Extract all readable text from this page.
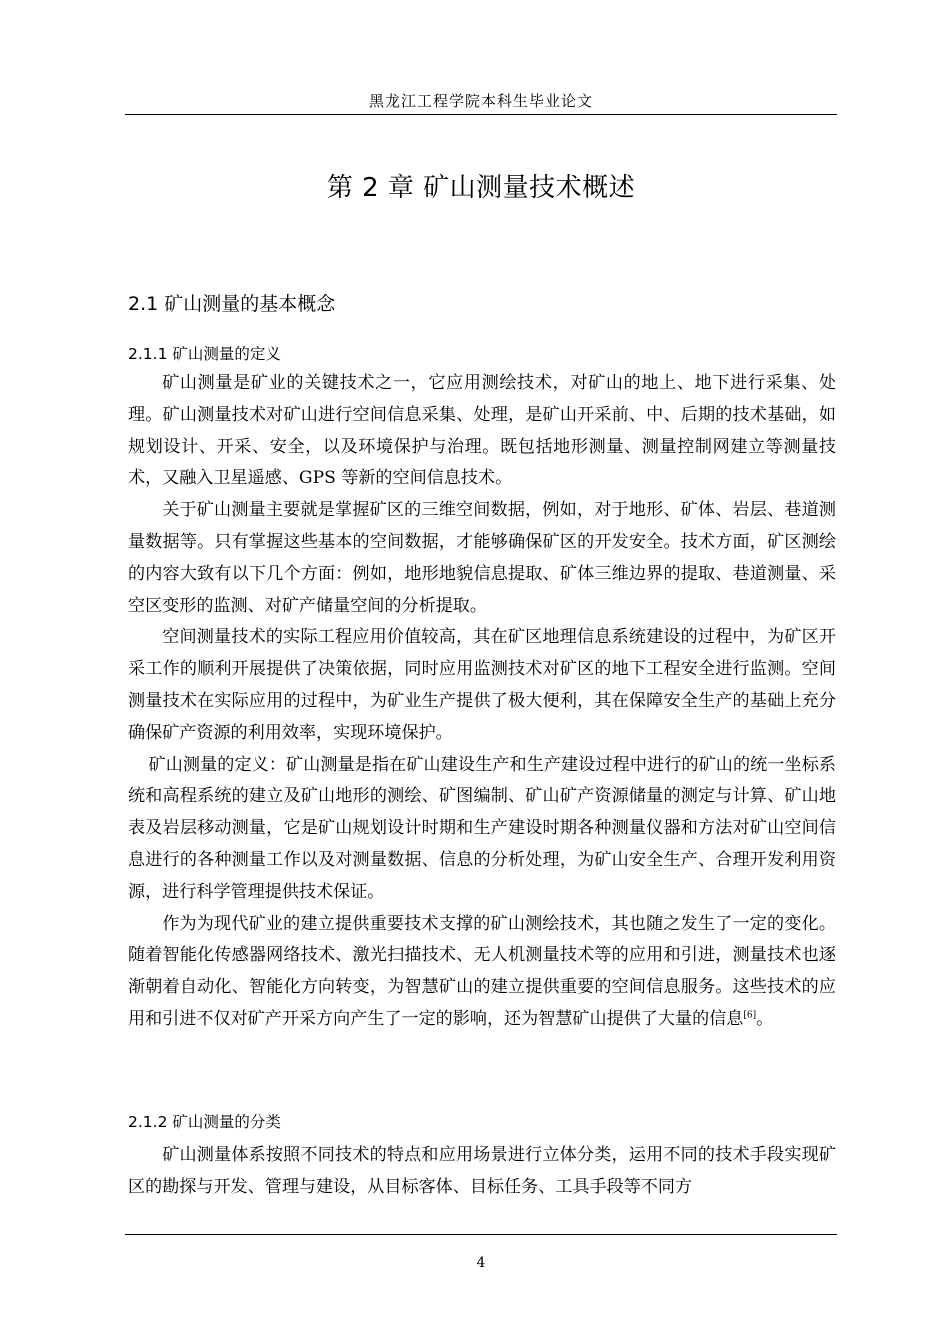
黑龙江工程学院本科生毕业论文
第 2 章 矿山测量技术概述
2.1 矿山测量的基本概念
2.1.1 矿山测量的定义

矿山测量是矿业的关键技术之一，它应用测绘技术，对矿山的地上、地下进行采集、处理。矿山测量技术对矿山进行空间信息采集、处理，是矿山开采前、中、后期的技术基础，如规划设计、开采、安全，以及环境保护与治理。既包括地形测量、测量控制网建立等测量技术，又融入卫星遥感、GPS 等新的空间信息技术。

关于矿山测量主要就是掌握矿区的三维空间数据，例如，对于地形、矿体、岩层、巷道测量数据等。只有掌握这些基本的空间数据，才能够确保矿区的开发安全。技术方面，矿区测绘的内容大致有以下几个方面：例如，地形地貌信息提取、矿体三维边界的提取、巷道测量、采空区变形的监测、对矿产储量空间的分析提取。

空间测量技术的实际工程应用价值较高，其在矿区地理信息系统建设的过程中，为矿区开采工作的顺利开展提供了决策依据，同时应用监测技术对矿区的地下工程安全进行监测。空间测量技术在实际应用的过程中，为矿业生产提供了极大便利，其在保障安全生产的基础上充分确保矿产资源的利用效率，实现环境保护。

矿山测量的定义：矿山测量是指在矿山建设生产和生产建设过程中进行的矿山的统一坐标系统和高程系统的建立及矿山地形的测绘、矿图编制、矿山矿产资源储量的测定与计算、矿山地表及岩层移动测量，它是矿山规划设计时期和生产建设时期各种测量仪器和方法对矿山空间信息进行的各种测量工作以及对测量数据、信息的分析处理，为矿山安全生产、合理开发利用资源，进行科学管理提供技术保证。

作为为现代矿业的建立提供重要技术支撑的矿山测绘技术，其也随之发生了一定的变化。随着智能化传感器网络技术、激光扫描技术、无人机测量技术等的应用和引进，测量技术也逐渐朝着自动化、智能化方向转变，为智慧矿山的建立提供重要的空间信息服务。这些技术的应用和引进不仅对矿产开采方向产生了一定的影响，还为智慧矿山提供了大量的信息[6]。

2.1.2 矿山测量的分类

矿山测量体系按照不同技术的特点和应用场景进行立体分类，运用不同的技术手段实现矿区的勘探与开发、管理与建设，从目标客体、目标任务、工具手段等不同方

4
